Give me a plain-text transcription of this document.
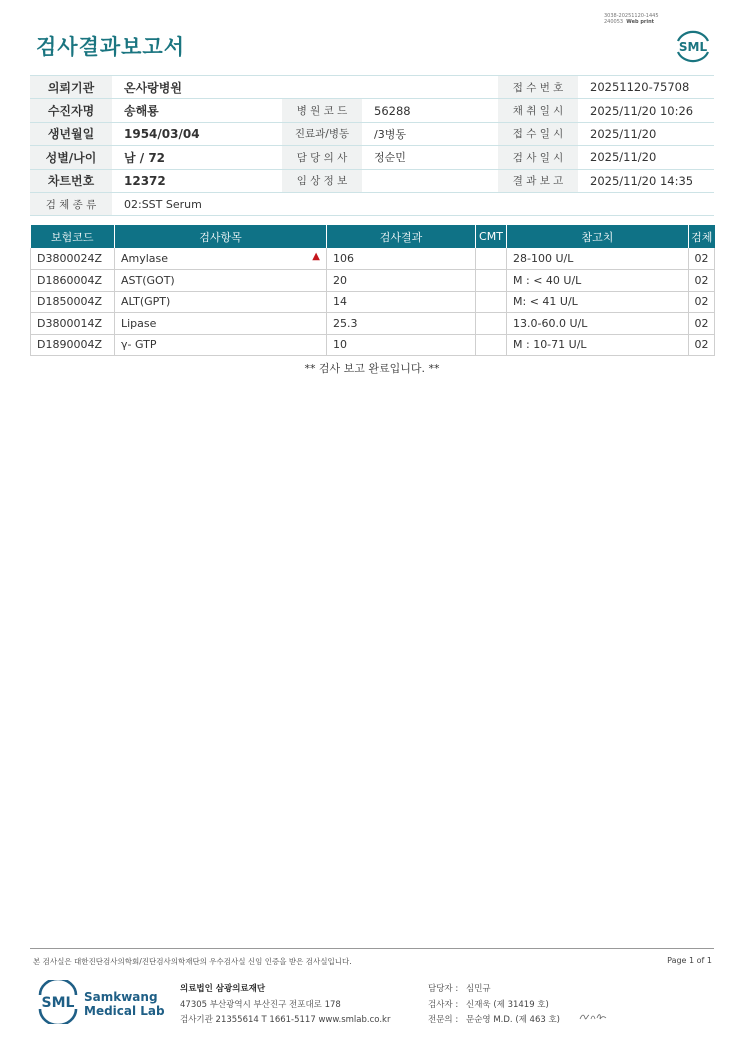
검사결과보고서
3038-20251120-1445
240053 Web print
SML
의뢰기관	온사랑병원			접 수 번 호	20251120-75708
수진자명	송해룡	병 원 코 드	56288	채 취 일 시	2025/11/20 10:26
생년월일	1954/03/04	진료과/병동	/3병동	접 수 일 시	2025/11/20
성별/나이	남 / 72	담 당 의 사	정순민	검 사 일 시	2025/11/20
차트번호	12372	임 상 정 보		결 과 보 고	2025/11/20 14:35
검 체 종 류	02:SST Serum				
보험코드	검사항목	검사결과	CMT	참고치	검체
D3800024Z	Amylase ▲	106		28-100 U/L	02
D1860004Z	AST(GOT)	20		M : < 40 U/L	02
D1850004Z	ALT(GPT)	14		M: < 41 U/L	02
D3800014Z	Lipase	25.3		13.0-60.0 U/L	02
D1890004Z	γ- GTP	10		M : 10-71 U/L	02
** 검사 보고 완료입니다. **
본 검사실은 대한진단검사의학회/진단검사의학재단의 우수검사실 신임 인증을 받은 검사실입니다.	Page 1 of 1
SML Samkwang
Medical Lab
의료법인 삼광의료재단
47305 부산광역시 부산진구 전포대로 178
검사기관 21355614 T 1661-5117 www.smlab.co.kr
담당자 : 심민규
검사자 : 신재욱 (제 31419 호)
전문의 : 문순영 M.D. (제 463 호)
